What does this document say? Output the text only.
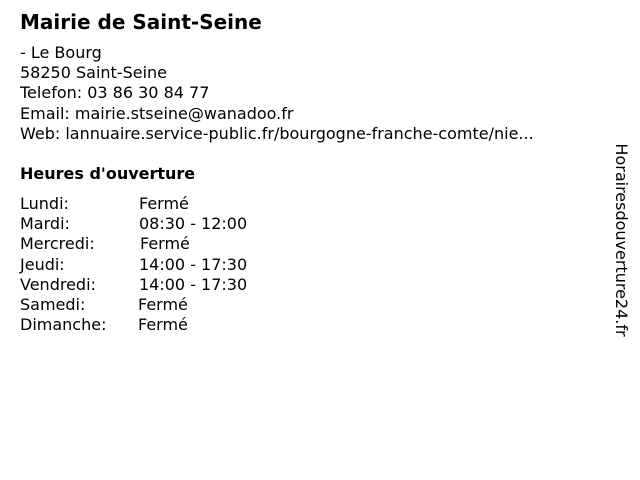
Mairie de Saint-Seine
- Le Bourg
58250 Saint-Seine
Telefon: 03 86 30 84 77
Email: mairie.stseine@wanadoo.fr
Web: lannuaire.service-public.fr/bourgogne-franche-comte/nie...
Heures d'ouverture
Lundi:	Fermé
Mardi:	08:30 - 12:00
Mercredi:	Fermé
Jeudi:	14:00 - 17:30
Vendredi:	14:00 - 17:30
Samedi:	Fermé
Dimanche: Fermé	Horairesdouverture24.fr
